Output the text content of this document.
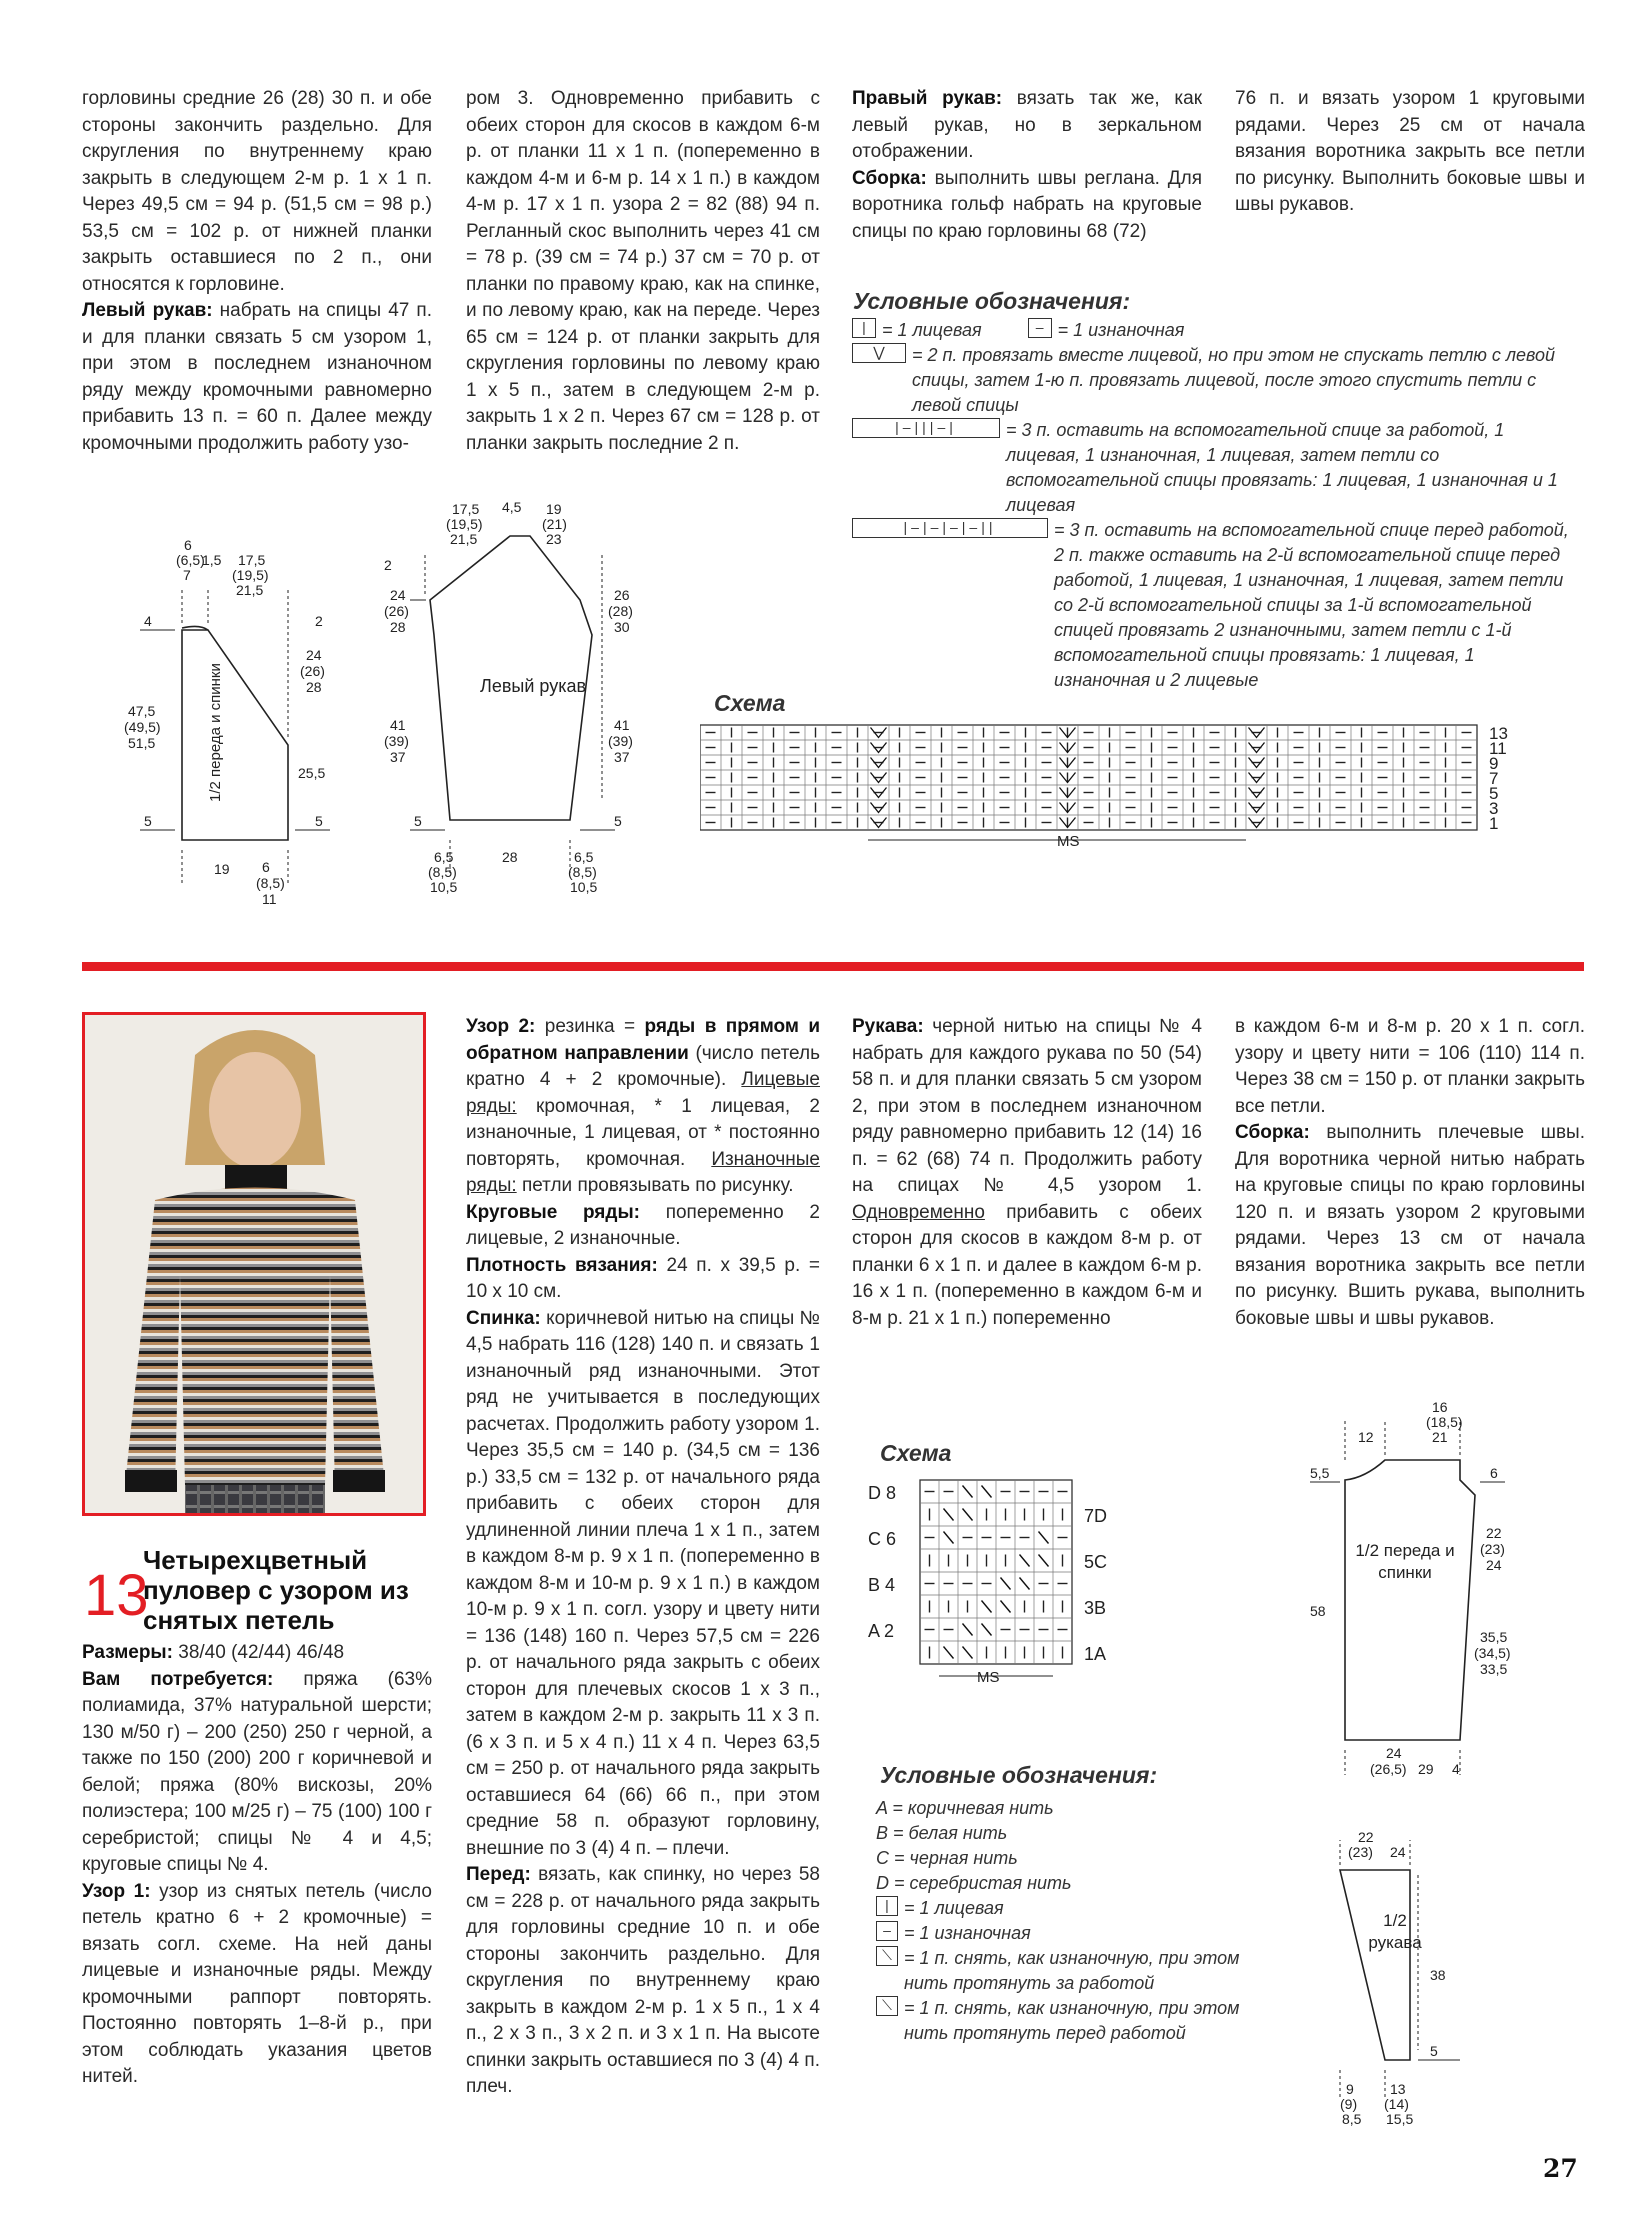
горловины средние 26 (28) 30 п. и обе стороны закончить раздельно. Для скругления по внутреннему краю закрыть в следующем 2-м р. 1 х 1 п. Через 49,5 см = 94 р. (51,5 см = 98 р.) 53,5 см = 102 р. от нижней планки закрыть оставшиеся по 2 п., они относятся к горловине.

Левый рукав: набрать на спицы 47 п. и для планки связать 5 см узором 1, при этом в последнем изнаночном ряду между кромочными равномерно прибавить 13 п. = 60 п. Далее между кромочными продолжить работу узо-

ром 3. Одновременно прибавить с обеих сторон для скосов в каждом 6-м р. от планки 11 х 1 п. (попеременно в каждом 4-м и 6-м р. 14 х 1 п.) в каждом 4-м р. 17 х 1 п. узора 2 = 82 (88) 94 п. Регланный скос выполнить через 41 см = 78 р. (39 см = 74 р.) 37 см = 70 р. от планки по правому краю, как на спинке, и по левому краю, как на переде. Через 65 см = 124 р. от планки закрыть для скругления горловины по левому краю 1 х 5 п., затем в следующем 2-м р. закрыть 1 х 2 п. Через 67 см = 128 р. от планки закрыть последние 2 п.

Правый рукав: вязать так же, как левый рукав, но в зеркальном отображении.

Сборка: выполнить швы реглана. Для воротника гольф набрать на круговые спицы по краю горловины 68 (72)

76 п. и вязать узором 1 круговыми рядами. Через 25 см от начала вязания воротника закрыть все петли по рисунку. Выполнить боковые швы и швы рукавов.

Условные обозначения:
| = 1 лицевая	– = 1 изнаночная
⋁	= 2 п. провязать вместе лицевой, но при этом не спускать петлю с левой спицы, затем 1-ю п. провязать лицевой, после этого спустить петли с левой спицы
|–|||–|	= 3 п. оставить на вспомогательной спице за работой, 1 лицевая, 1 изнаночная, 1 лицевая, затем петли со вспомогательной спицы провязать: 1 лицевая, 1 изнаночная и 1 лицевая
|–|–|–|–||	= 3 п. оставить на вспомогательной спице перед работой, 2 п. также оставить на 2-й вспомогательной спице перед работой, 1 лицевая, 1 изнаночная, 1 лицевая, затем петли со 2-й вспомогательной спицы за 1-й вспомогательной спицей провязать 2 изнаночными, затем петли с 1-й вспомогательной спицы провязать: 1 лицевая, 1 изнаночная и 2 лицевые
Схема
13
11
9
7
5
3
1
MS
6
(6,5)
1,5
7
17,5
(19,5)
21,5
4	2
24
(26)
28
47,5
(49,5)
51,5
25,5
5	5
19 6
(8,5)
11
1/2 переда и спинки
17,5
(19,5)
21,5
4,5 19
(21)
23
2
24
(26)
28
26
(28)
30
41
(39)
37
41
(39)
37
5	5
28
6,5
(8,5)
10,5
6,5
(8,5)
10,5
Левый рукав
13
Четырехцветный пуловер с узором из снятых петель

Размеры: 38/40 (42/44) 46/48

Вам потребуется: пряжа (63% полиамида, 37% натуральной шерсти; 130 м/50 г) – 200 (250) 250 г черной, а также по 150 (200) 200 г коричневой и белой; пряжа (80% вискозы, 20% полиэстера; 100 м/25 г) – 75 (100) 100 г серебристой; спицы № 4 и 4,5; круговые спицы № 4.

Узор 1: узор из снятых петель (число петель кратно 6 + 2 кромочные) = вязать согл. схеме. На ней даны лицевые и изнаночные ряды. Между кромочными раппорт повторять. Постоянно повторять 1–8-й р., при этом соблюдать указания цветов нитей.

Узор 2: резинка = ряды в прямом и обратном направлении (число петель кратно 4 + 2 кромочные). Лицевые ряды: кромочная, * 1 лицевая, 2 изнаночные, 1 лицевая, от * постоянно повторять, кромочная. Изнаночные ряды: петли провязывать по рисунку.

Круговые ряды: попеременно 2 лицевые, 2 изнаночные.

Плотность вязания: 24 п. х 39,5 р. = 10 х 10 см.

Спинка: коричневой нитью на спицы № 4,5 набрать 116 (128) 140 п. и связать 1 изнаночный ряд изнаночными. Этот ряд не учитывается в последующих расчетах. Продолжить работу узором 1. Через 35,5 см = 140 р. (34,5 см = 136 р.) 33,5 см = 132 р. от начального ряда прибавить с обеих сторон для удлиненной линии плеча 1 х 1 п., затем в каждом 8-м р. 9 х 1 п. (попеременно в каждом 8-м и 10-м р. 9 х 1 п.) в каждом 10-м р. 9 х 1 п. согл. узору и цвету нити = 136 (148) 160 п. Через 57,5 см = 226 р. от начального ряда закрыть с обеих сторон для плечевых скосов 1 х 3 п., затем в каждом 2-м р. закрыть 11 х 3 п. (6 х 3 п. и 5 х 4 п.) 11 х 4 п. Через 63,5 см = 250 р. от начального ряда закрыть оставшиеся 64 (66) 66 п., при этом средние 58 п. образуют горловину, внешние по 3 (4) 4 п. – плечи.

Перед: вязать, как спинку, но через 58 см = 228 р. от начального ряда закрыть для горловины средние 10 п. и обе стороны закончить раздельно. Для скругления по внутреннему краю закрыть в каждом 2-м р. 1 х 5 п., 1 х 4 п., 2 х 3 п., 3 х 2 п. и 3 х 1 п. На высоте спинки закрыть оставшиеся по 3 (4) 4 п. плеч.

Рукава: черной нитью на спицы № 4 набрать для каждого рукава по 50 (54) 58 п. и для планки связать 5 см узором 2, при этом в последнем изнаночном ряду равномерно прибавить 12 (14) 16 п. = 62 (68) 74 п. Продолжить работу на спицах № 4,5 узором 1. Одновременно прибавить с обеих сторон для скосов в каждом 8-м р. от планки 6 х 1 п. и далее в каждом 6-м р. 16 х 1 п. (попеременно в каждом 6-м и 8-м р. 21 х 1 п.) попеременно

в каждом 6-м и 8-м р. 20 х 1 п. согл. узору и цвету нити = 106 (110) 114 п. Через 38 см = 150 р. от планки закрыть все петли.

Сборка: выполнить плечевые швы. Для воротника черной нитью набрать на круговые спицы по краю горловины 120 п. и вязать узором 2 круговыми рядами. Через 13 см от начала вязания воротника закрыть все петли по рисунку. Вшить рукава, выполнить боковые швы и швы рукавов.

Схема
D 8
C 6
B 4
A 2
7D
5C
3B
1A
MS
Условные обозначения:
A = коричневая нить
B = белая нить
C = черная нить
D = серебристая нить
| = 1 лицевая
– = 1 изнаночная
⟍ = 1 п. снять, как изнаночную, при этом нить протянуть за работой
⟍ = 1 п. снять, как изнаночную, при этом нить протянуть перед работой
16
(18,5)
21
12
5,5	6
22
(23)
24
58
35,5
(34,5)
33,5
24
(26,5) 29 4
1/2 переда и спинки
22
(23) 24
38
5
9
(9)
8,5
13
(14)
15,5
1/2 рукава
27
